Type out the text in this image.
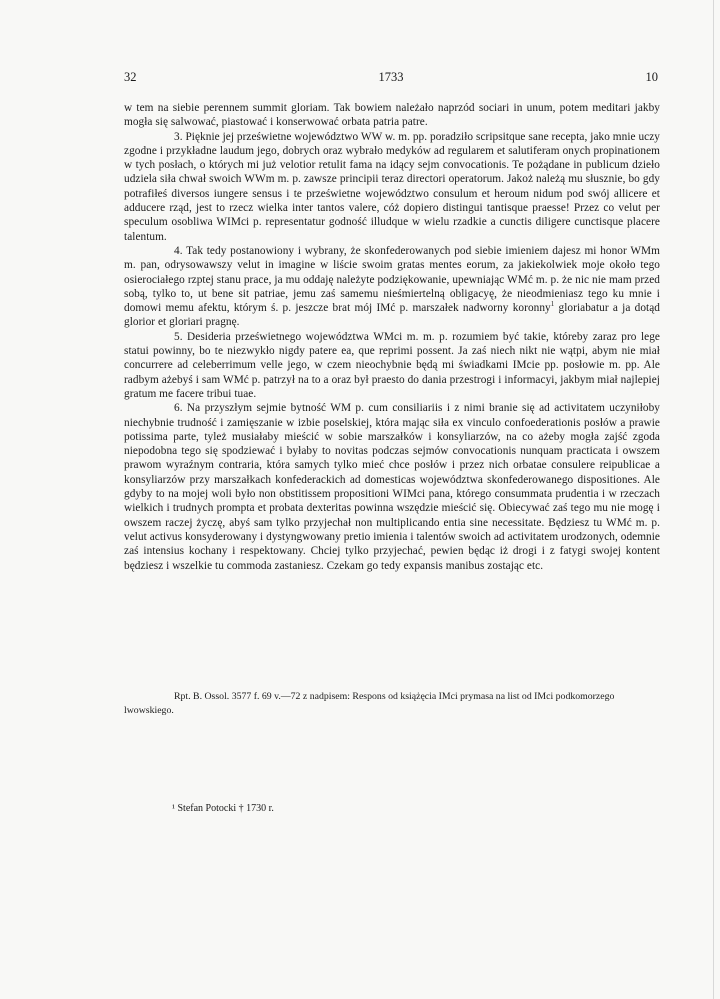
32	1733	10

w tem na siebie perennem summit gloriam. Tak bowiem należało naprzód sociari in unum, potem meditari jakby mogła się salwować, piastować i konserwować orbata patria patre.

3. Pięknie jej prześwietne województwo WW w. m. pp. poradziło scripsitque sane recepta, jako mnie uczy zgodne i przykładne laudum jego, dobrych oraz wybrało medyków ad regularem et salutiferam onych propinationem w tych posłach, o których mi już velotior retulit fama na idący sejm convocationis. Te pożądane in publicum dzieło udziela siła chwał swoich WWm m. p. zawsze principii teraz directori operatorum. Jakoż należą mu słusznie, bo gdy potrafiłeś diversos iungere sensus i te prześwietne województwo consulum et heroum nidum pod swój allicere et adducere rząd, jest to rzecz wielka inter tantos valere, cóż dopiero distingui tantisque praesse! Przez co velut per speculum osobliwa WIMci p. representatur godność illudque w wielu rzadkie a cunctis diligere cunctisque placere talentum.

4. Tak tedy postanowiony i wybrany, że skonfederowanych pod siebie imieniem dajesz mi honor WMm m. pan, odrysowawszy velut in imagine w liście swoim gratas mentes eorum, za jakiekolwiek moje około tego osierociałego rzptej stanu prace, ja mu oddaję należyte podziękowanie, upewniając WMć m. p. że nic nie mam przed sobą, tylko to, ut bene sit patriae, jemu zaś samemu nieśmiertelną obligacyę, że nieodmieniasz tego ku mnie i domowi memu afektu, którym ś. p. jeszcze brat mój IMć p. marszałek nadworny koronny$^1$ gloriabatur a ja dotąd glorior et gloriari pragnę.

5. Desideria prześwietnego województwa WMci m. m. p. rozumiem być takie, któreby zaraz pro lege statui powinny, bo te niezwykło nigdy patere ea, que reprimi possent. Ja zaś niech nikt nie wątpi, abym nie miał concurrere ad celeberrimum velle jego, w czem nieochybnie będą mi świadkami IMcie pp. posłowie m. pp. Ale radbym ażebyś i sam WMć p. patrzył na to a oraz był praesto do dania przestrogi i informacyi, jakbym miał najlepiej gratum me facere tribui tuae.

6. Na przyszłym sejmie bytność WM p. cum consiliariis i z nimi branie się ad activitatem uczyniłoby niechybnie trudność i zamięszanie w izbie poselskiej, która mając siła ex vinculo confoederationis posłów a prawie potissima parte, tyleż musiałaby mieścić w sobie marszałków i konsyliarzów, na co ażeby mogła zajść zgoda niepodobna tego się spodziewać i byłaby to novitas podczas sejmów convocationis nunquam practicata i owszem prawom wyraźnym contraria, która samych tylko mieć chce posłów i przez nich orbatae consulere reipublicae a konsyliarzów przy marszałkach konfederackich ad domesticas województwa skonfederowanego dispositiones. Ale gdyby to na mojej woli było non obstitissem propositioni WIMci pana, którego consummata prudentia i w rzeczach wielkich i trudnych prompta et probata dexteritas powinna wszędzie mieścić się. Obiecywać zaś tego mu nie mogę i owszem raczej życzę, abyś sam tylko przyjechał non multiplicando entia sine necessitate. Będziesz tu WMć m. p. velut activus konsyderowany i dystyngwowany pretio imienia i talentów swoich ad activitatem urodzonych, odemnie zaś intensius kochany i respektowany. Chciej tylko przyjechać, pewien będąc iż drogi i z fatygi swojej kontent będziesz i wszelkie tu commoda zastaniesz. Czekam go tedy expansis manibus zostając etc.

Rpt. B. Ossol. 3577 f. 69 v.—72 z nadpisem: Respons od książęcia IMci prymasa na list od IMci podkomorzego lwowskiego.

¹ Stefan Potocki † 1730 r.
